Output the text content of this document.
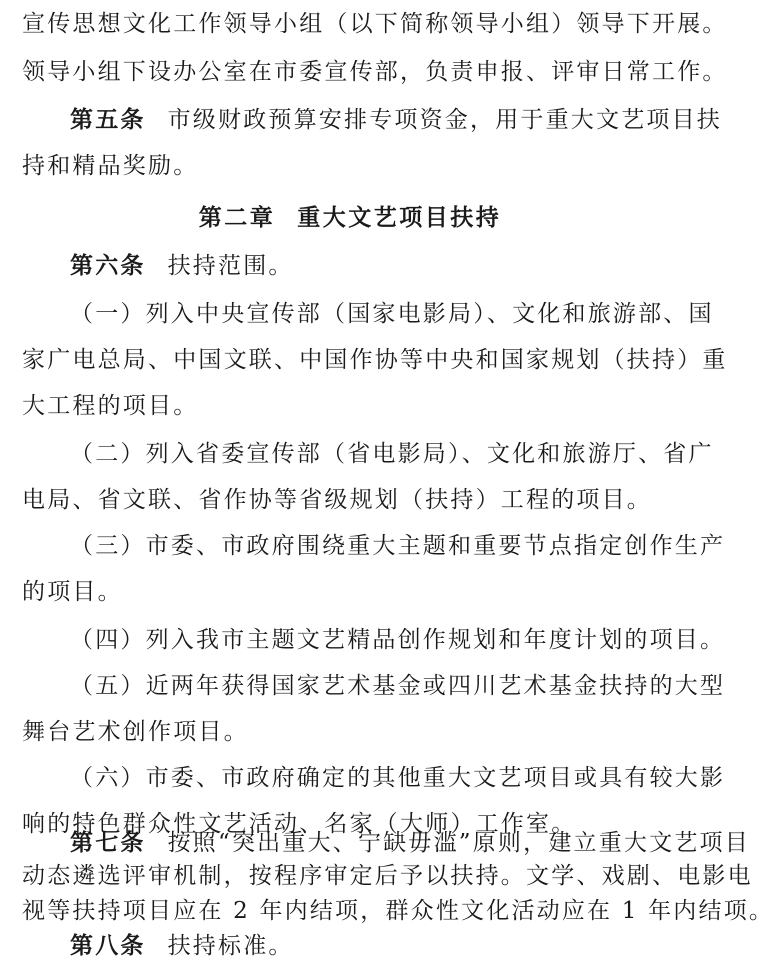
宣传思想文化工作领导小组（以下简称领导小组）领导下开展。
领导小组下设办公室在市委宣传部，负责申报、评审日常工作。
第五条 市级财政预算安排专项资金，用于重大文艺项目扶
持和精品奖励。
第二章 重大文艺项目扶持
第六条 扶持范围。
（一）列入中央宣传部（国家电影局）、文化和旅游部、国
家广电总局、中国文联、中国作协等中央和国家规划（扶持）重
大工程的项目。
（二）列入省委宣传部（省电影局）、文化和旅游厅、省广
电局、省文联、省作协等省级规划（扶持）工程的项目。
（三）市委、市政府围绕重大主题和重要节点指定创作生产
的项目。
（四）列入我市主题文艺精品创作规划和年度计划的项目。
（五）近两年获得国家艺术基金或四川艺术基金扶持的大型
舞台艺术创作项目。
（六）市委、市政府确定的其他重大文艺项目或具有较大影
响的特色群众性文艺活动、名家（大师）工作室。
第七条 按照“突出重大、宁缺毋滥”原则，建立重大文艺项目
动态遴选评审机制，按程序审定后予以扶持。文学、戏剧、电影电
视等扶持项目应在 2 年内结项，群众性文化活动应在 1 年内结项。
第八条 扶持标准。
